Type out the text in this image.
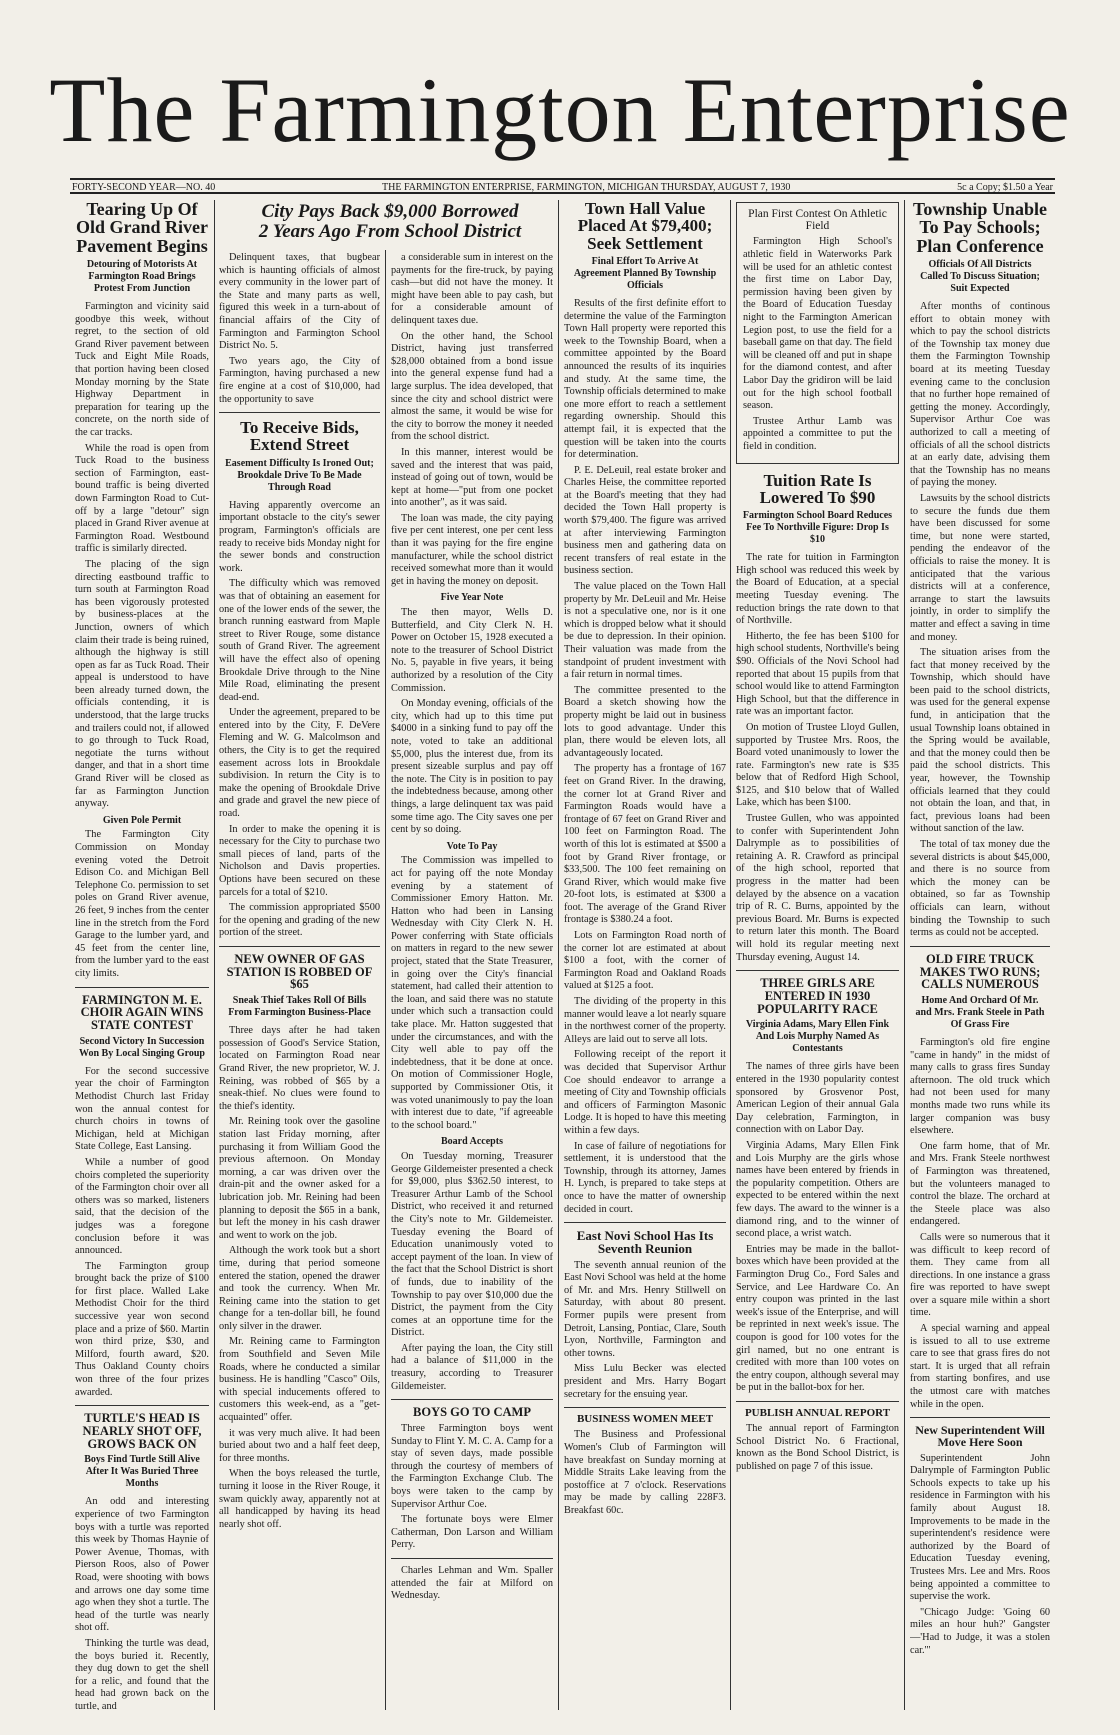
The Farmington Enterprise
FORTY-SECOND YEAR—NO. 40	THE FARMINGTON ENTERPRISE, FARMINGTON, MICHIGAN THURSDAY, AUGUST 7, 1930	5c a Copy; $1.50 a Year
City Pays Back $9,000 Borrowed
2 Years Ago From School District
Tearing Up Of Old Grand River Pavement Begins
Detouring of Motorists At Farmington Road Brings Protest From Junction

Farmington and vicinity said goodbye this week, without regret, to the section of old Grand River pavement between Tuck and Eight Mile Roads, that portion having been closed Monday morning by the State Highway Department in preparation for tearing up the concrete, on the north side of the car tracks.

While the road is open from Tuck Road to the business section of Farmington, east-bound traffic is being diverted down Farmington Road to Cut-off by a large "detour" sign placed in Grand River avenue at Farmington Road. Westbound traffic is similarly directed.

The placing of the sign directing eastbound traffic to turn south at Farmington Road has been vigorously protested by business-places at the Junction, owners of which claim their trade is being ruined, although the highway is still open as far as Tuck Road. Their appeal is understood to have been already turned down, the officials contending, it is understood, that the large trucks and trailers could not, if allowed to go through to Tuck Road, negotiate the turns without danger, and that in a short time Grand River will be closed as far as Farmington Junction anyway.

Given Pole Permit

The Farmington City Commission on Monday evening voted the Detroit Edison Co. and Michigan Bell Telephone Co. permission to set poles on Grand River avenue, 26 feet, 9 inches from the center line in the stretch from the Ford Garage to the lumber yard, and 45 feet from the center line, from the lumber yard to the east city limits.

FARMINGTON M. E. CHOIR AGAIN WINS STATE CONTEST
Second Victory In Succession Won By Local Singing Group

For the second successive year the choir of Farmington Methodist Church last Friday won the annual contest for church choirs in towns of Michigan, held at Michigan State College, East Lansing.

While a number of good choirs completed the superiority of the Farmington choir over all others was so marked, listeners said, that the decision of the judges was a foregone conclusion before it was announced.

The Farmington group brought back the prize of $100 for first place. Walled Lake Methodist Choir for the third successive year won second place and a prize of $60. Martin won third prize, $30, and Milford, fourth award, $20. Thus Oakland County choirs won three of the four prizes awarded.

TURTLE'S HEAD IS NEARLY SHOT OFF, GROWS BACK ON
Boys Find Turtle Still Alive After It Was Buried Three Months

An odd and interesting experience of two Farmington boys with a turtle was reported this week by Thomas Haynie of Power Avenue, Thomas, with Pierson Roos, also of Power Road, were shooting with bows and arrows one day some time ago when they shot a turtle. The head of the turtle was nearly shot off.

Thinking the turtle was dead, the boys buried it. Recently, they dug down to get the shell for a relic, and found that the head had grown back on the turtle, and

Delinquent taxes, that bugbear which is haunting officials of almost every community in the lower part of the State and many parts as well, figured this week in a turn-about of financial affairs of the City of Farmington and Farmington School District No. 5.

Two years ago, the City of Farmington, having purchased a new fire engine at a cost of $10,000, had the opportunity to save

To Receive Bids, Extend Street
Easement Difficulty Is Ironed Out; Brookdale Drive To Be Made Through Road

Having apparently overcome an important obstacle to the city's sewer program, Farmington's officials are ready to receive bids Monday night for the sewer bonds and construction work.

The difficulty which was removed was that of obtaining an easement for one of the lower ends of the sewer, the branch running eastward from Maple street to River Rouge, some distance south of Grand River. The agreement will have the effect also of opening Brookdale Drive through to the Nine Mile Road, eliminating the present dead-end.

Under the agreement, prepared to be entered into by the City, F. DeVere Fleming and W. G. Malcolmson and others, the City is to get the required easement across lots in Brookdale subdivision. In return the City is to make the opening of Brookdale Drive and grade and gravel the new piece of road.

In order to make the opening it is necessary for the City to purchase two small pieces of land, parts of the Nicholson and Davis properties. Options have been secured on these parcels for a total of $210.

The commission appropriated $500 for the opening and grading of the new portion of the street.

NEW OWNER OF GAS STATION IS ROBBED OF $65
Sneak Thief Takes Roll Of Bills From Farmington Business-Place

Three days after he had taken possession of Good's Service Station, located on Farmington Road near Grand River, the new proprietor, W. J. Reining, was robbed of $65 by a sneak-thief. No clues were found to the thief's identity.

Mr. Reining took over the gasoline station last Friday morning, after purchasing it from William Good the previous afternoon. On Monday morning, a car was driven over the drain-pit and the owner asked for a lubrication job. Mr. Reining had been planning to deposit the $65 in a bank, but left the money in his cash drawer and went to work on the job.

Although the work took but a short time, during that period someone entered the station, opened the drawer and took the currency. When Mr. Reining came into the station to get change for a ten-dollar bill, he found only silver in the drawer.

Mr. Reining came to Farmington from Southfield and Seven Mile Roads, where he conducted a similar business. He is handling "Casco" Oils, with special inducements offered to customers this week-end, as a "get-acquainted" offer.

it was very much alive. It had been buried about two and a half feet deep, for three months.

When the boys released the turtle, turning it loose in the River Rouge, it swam quickly away, apparently not at all handicapped by having its head nearly shot off.

a considerable sum in interest on the payments for the fire-truck, by paying cash—but did not have the money. It might have been able to pay cash, but for a considerable amount of delinquent taxes due.

On the other hand, the School District, having just transferred $28,000 obtained from a bond issue into the general expense fund had a large surplus. The idea developed, that since the city and school district were almost the same, it would be wise for the city to borrow the money it needed from the school district.

In this manner, interest would be saved and the interest that was paid, instead of going out of town, would be kept at home—"put from one pocket into another", as it was said.

The loan was made, the city paying five per cent interest, one per cent less than it was paying for the fire engine manufacturer, while the school district received somewhat more than it would get in having the money on deposit.

Five Year Note

The then mayor, Wells D. Butterfield, and City Clerk N. H. Power on October 15, 1928 executed a note to the treasurer of School District No. 5, payable in five years, it being authorized by a resolution of the City Commission.

On Monday evening, officials of the city, which had up to this time put $4000 in a sinking fund to pay off the note, voted to take an additional $5,000, plus the interest due, from its present sizeable surplus and pay off the note. The City is in position to pay the indebtedness because, among other things, a large delinquent tax was paid some time ago. The City saves one per cent by so doing.

Vote To Pay

The Commission was impelled to act for paying off the note Monday evening by a statement of Commissioner Emory Hatton. Mr. Hatton who had been in Lansing Wednesday with City Clerk N. H. Power conferring with State officials on matters in regard to the new sewer project, stated that the State Treasurer, in going over the City's financial statement, had called their attention to the loan, and said there was no statute under which such a transaction could take place. Mr. Hatton suggested that under the circumstances, and with the City well able to pay off the indebtedness, that it be done at once. On motion of Commissioner Hogle, supported by Commissioner Otis, it was voted unanimously to pay the loan with interest due to date, "if agreeable to the school board."

Board Accepts

On Tuesday morning, Treasurer George Gildemeister presented a check for $9,000, plus $362.50 interest, to Treasurer Arthur Lamb of the School District, who received it and returned the City's note to Mr. Gildemeister. Tuesday evening the Board of Education unanimously voted to accept payment of the loan. In view of the fact that the School District is short of funds, due to inability of the Township to pay over $10,000 due the District, the payment from the City comes at an opportune time for the District.

After paying the loan, the City still had a balance of $11,000 in the treasury, according to Treasurer Gildemeister.

BOYS GO TO CAMP

Three Farmington boys went Sunday to Flint Y. M. C. A. Camp for a stay of seven days, made possible through the courtesy of members of the Farmington Exchange Club. The boys were taken to the camp by Supervisor Arthur Coe.

The fortunate boys were Elmer Catherman, Don Larson and William Perry.

Charles Lehman and Wm. Spaller attended the fair at Milford on Wednesday.

Town Hall Value Placed At $79,400; Seek Settlement
Final Effort To Arrive At Agreement Planned By Township Officials

Results of the first definite effort to determine the value of the Farmington Town Hall property were reported this week to the Township Board, when a committee appointed by the Board announced the results of its inquiries and study. At the same time, the Township officials determined to make one more effort to reach a settlement regarding ownership. Should this attempt fail, it is expected that the question will be taken into the courts for determination.

P. E. DeLeuil, real estate broker and Charles Heise, the committee reported at the Board's meeting that they had decided the Town Hall property is worth $79,400. The figure was arrived at after interviewing Farmington business men and gathering data on recent transfers of real estate in the business section.

The value placed on the Town Hall property by Mr. DeLeuil and Mr. Heise is not a speculative one, nor is it one which is dropped below what it should be due to depression. In their opinion. Their valuation was made from the standpoint of prudent investment with a fair return in normal times.

The committee presented to the Board a sketch showing how the property might be laid out in business lots to good advantage. Under this plan, there would be eleven lots, all advantageously located.

The property has a frontage of 167 feet on Grand River. In the drawing, the corner lot at Grand River and Farmington Roads would have a frontage of 67 feet on Grand River and 100 feet on Farmington Road. The worth of this lot is estimated at $500 a foot by Grand River frontage, or $33,500. The 100 feet remaining on Grand River, which would make five 20-foot lots, is estimated at $300 a foot. The average of the Grand River frontage is $380.24 a foot.

Lots on Farmington Road north of the corner lot are estimated at about $100 a foot, with the corner of Farmington Road and Oakland Roads valued at $125 a foot.

The dividing of the property in this manner would leave a lot nearly square in the northwest corner of the property. Alleys are laid out to serve all lots.

Following receipt of the report it was decided that Supervisor Arthur Coe should endeavor to arrange a meeting of City and Township officials and officers of Farmington Masonic Lodge. It is hoped to have this meeting within a few days.

In case of failure of negotiations for settlement, it is understood that the Township, through its attorney, James H. Lynch, is prepared to take steps at once to have the matter of ownership decided in court.

East Novi School Has Its Seventh Reunion

The seventh annual reunion of the East Novi School was held at the home of Mr. and Mrs. Henry Stillwell on Saturday, with about 80 present. Former pupils were present from Detroit, Lansing, Pontiac, Clare, South Lyon, Northville, Farmington and other towns.

Miss Lulu Becker was elected president and Mrs. Harry Bogart secretary for the ensuing year.

BUSINESS WOMEN MEET

The Business and Professional Women's Club of Farmington will have breakfast on Sunday morning at Middle Straits Lake leaving from the postoffice at 7 o'clock. Reservations may be made by calling 228F3. Breakfast 60c.

Plan First Contest On Athletic Field

Farmington High School's athletic field in Waterworks Park will be used for an athletic contest the first time on Labor Day, permission having been given by the Board of Education Tuesday night to the Farmington American Legion post, to use the field for a baseball game on that day. The field will be cleaned off and put in shape for the diamond contest, and after Labor Day the gridiron will be laid out for the high school football season.

Trustee Arthur Lamb was appointed a committee to put the field in condition.

Tuition Rate Is Lowered To $90
Farmington School Board Reduces Fee To Northville Figure: Drop Is $10

The rate for tuition in Farmington High school was reduced this week by the Board of Education, at a special meeting Tuesday evening. The reduction brings the rate down to that of Northville.

Hitherto, the fee has been $100 for high school students, Northville's being $90. Officials of the Novi School had reported that about 15 pupils from that school would like to attend Farmington High School, but that the difference in rate was an important factor.

On motion of Trustee Lloyd Gullen, supported by Trustee Mrs. Roos, the Board voted unanimously to lower the rate. Farmington's new rate is $35 below that of Redford High School, $125, and $10 below that of Walled Lake, which has been $100.

Trustee Gullen, who was appointed to confer with Superintendent John Dalrymple as to possibilities of retaining A. R. Crawford as principal of the high school, reported that progress in the matter had been delayed by the absence on a vacation trip of R. C. Burns, appointed by the previous Board. Mr. Burns is expected to return later this month. The Board will hold its regular meeting next Thursday evening, August 14.

THREE GIRLS ARE ENTERED IN 1930 POPULARITY RACE
Virginia Adams, Mary Ellen Fink And Lois Murphy Named As Contestants

The names of three girls have been entered in the 1930 popularity contest sponsored by Grosvenor Post, American Legion of their annual Gala Day celebration, Farmington, in connection with on Labor Day.

Virginia Adams, Mary Ellen Fink and Lois Murphy are the girls whose names have been entered by friends in the popularity competition. Others are expected to be entered within the next few days. The award to the winner is a diamond ring, and to the winner of second place, a wrist watch.

Entries may be made in the ballot-boxes which have been provided at the Farmington Drug Co., Ford Sales and Service, and Lee Hardware Co. An entry coupon was printed in the last week's issue of the Enterprise, and will be reprinted in next week's issue. The coupon is good for 100 votes for the girl named, but no one entrant is credited with more than 100 votes on the entry coupon, although several may be put in the ballot-box for her.

PUBLISH ANNUAL REPORT

The annual report of Farmington School District No. 6 Fractional, known as the Bond School District, is published on page 7 of this issue.

Township Unable To Pay Schools; Plan Conference
Officials Of All Districts Called To Discuss Situation; Suit Expected

After months of continous effort to obtain money with which to pay the school districts of the Township tax money due them the Farmington Township board at its meeting Tuesday evening came to the conclusion that no further hope remained of getting the money. Accordingly, Supervisor Arthur Coe was authorized to call a meeting of officials of all the school districts at an early date, advising them that the Township has no means of paying the money.

Lawsuits by the school districts to secure the funds due them have been discussed for some time, but none were started, pending the endeavor of the officials to raise the money. It is anticipated that the various districts will at a conference, arrange to start the lawsuits jointly, in order to simplify the matter and effect a saving in time and money.

The situation arises from the fact that money received by the Township, which should have been paid to the school districts, was used for the general expense fund, in anticipation that the usual Township loans obtained in the Spring would be available, and that the money could then be paid the school districts. This year, however, the Township officials learned that they could not obtain the loan, and that, in fact, previous loans had been without sanction of the law.

The total of tax money due the several districts is about $45,000, and there is no source from which the money can be obtained, so far as Township officials can learn, without binding the Township to such terms as could not be accepted.

OLD FIRE TRUCK MAKES TWO RUNS; CALLS NUMEROUS
Home And Orchard Of Mr. and Mrs. Frank Steele in Path Of Grass Fire

Farmington's old fire engine "came in handy" in the midst of many calls to grass fires Sunday afternoon. The old truck which had not been used for many months made two runs while its larger companion was busy elsewhere.

One farm home, that of Mr. and Mrs. Frank Steele northwest of Farmington was threatened, but the volunteers managed to control the blaze. The orchard at the Steele place was also endangered.

Calls were so numerous that it was difficult to keep record of them. They came from all directions. In one instance a grass fire was reported to have swept over a square mile within a short time.

A special warning and appeal is issued to all to use extreme care to see that grass fires do not start. It is urged that all refrain from starting bonfires, and use the utmost care with matches while in the open.

New Superintendent Will Move Here Soon

Superintendent John Dalrymple of Farmington Public Schools expects to take up his residence in Farmington with his family about August 18. Improvements to be made in the superintendent's residence were authorized by the Board of Education Tuesday evening, Trustees Mrs. Lee and Mrs. Roos being appointed a committee to supervise the work.

"Chicago Judge: 'Going 60 miles an hour huh?' Gangster—'Had to Judge, it was a stolen car.'"
